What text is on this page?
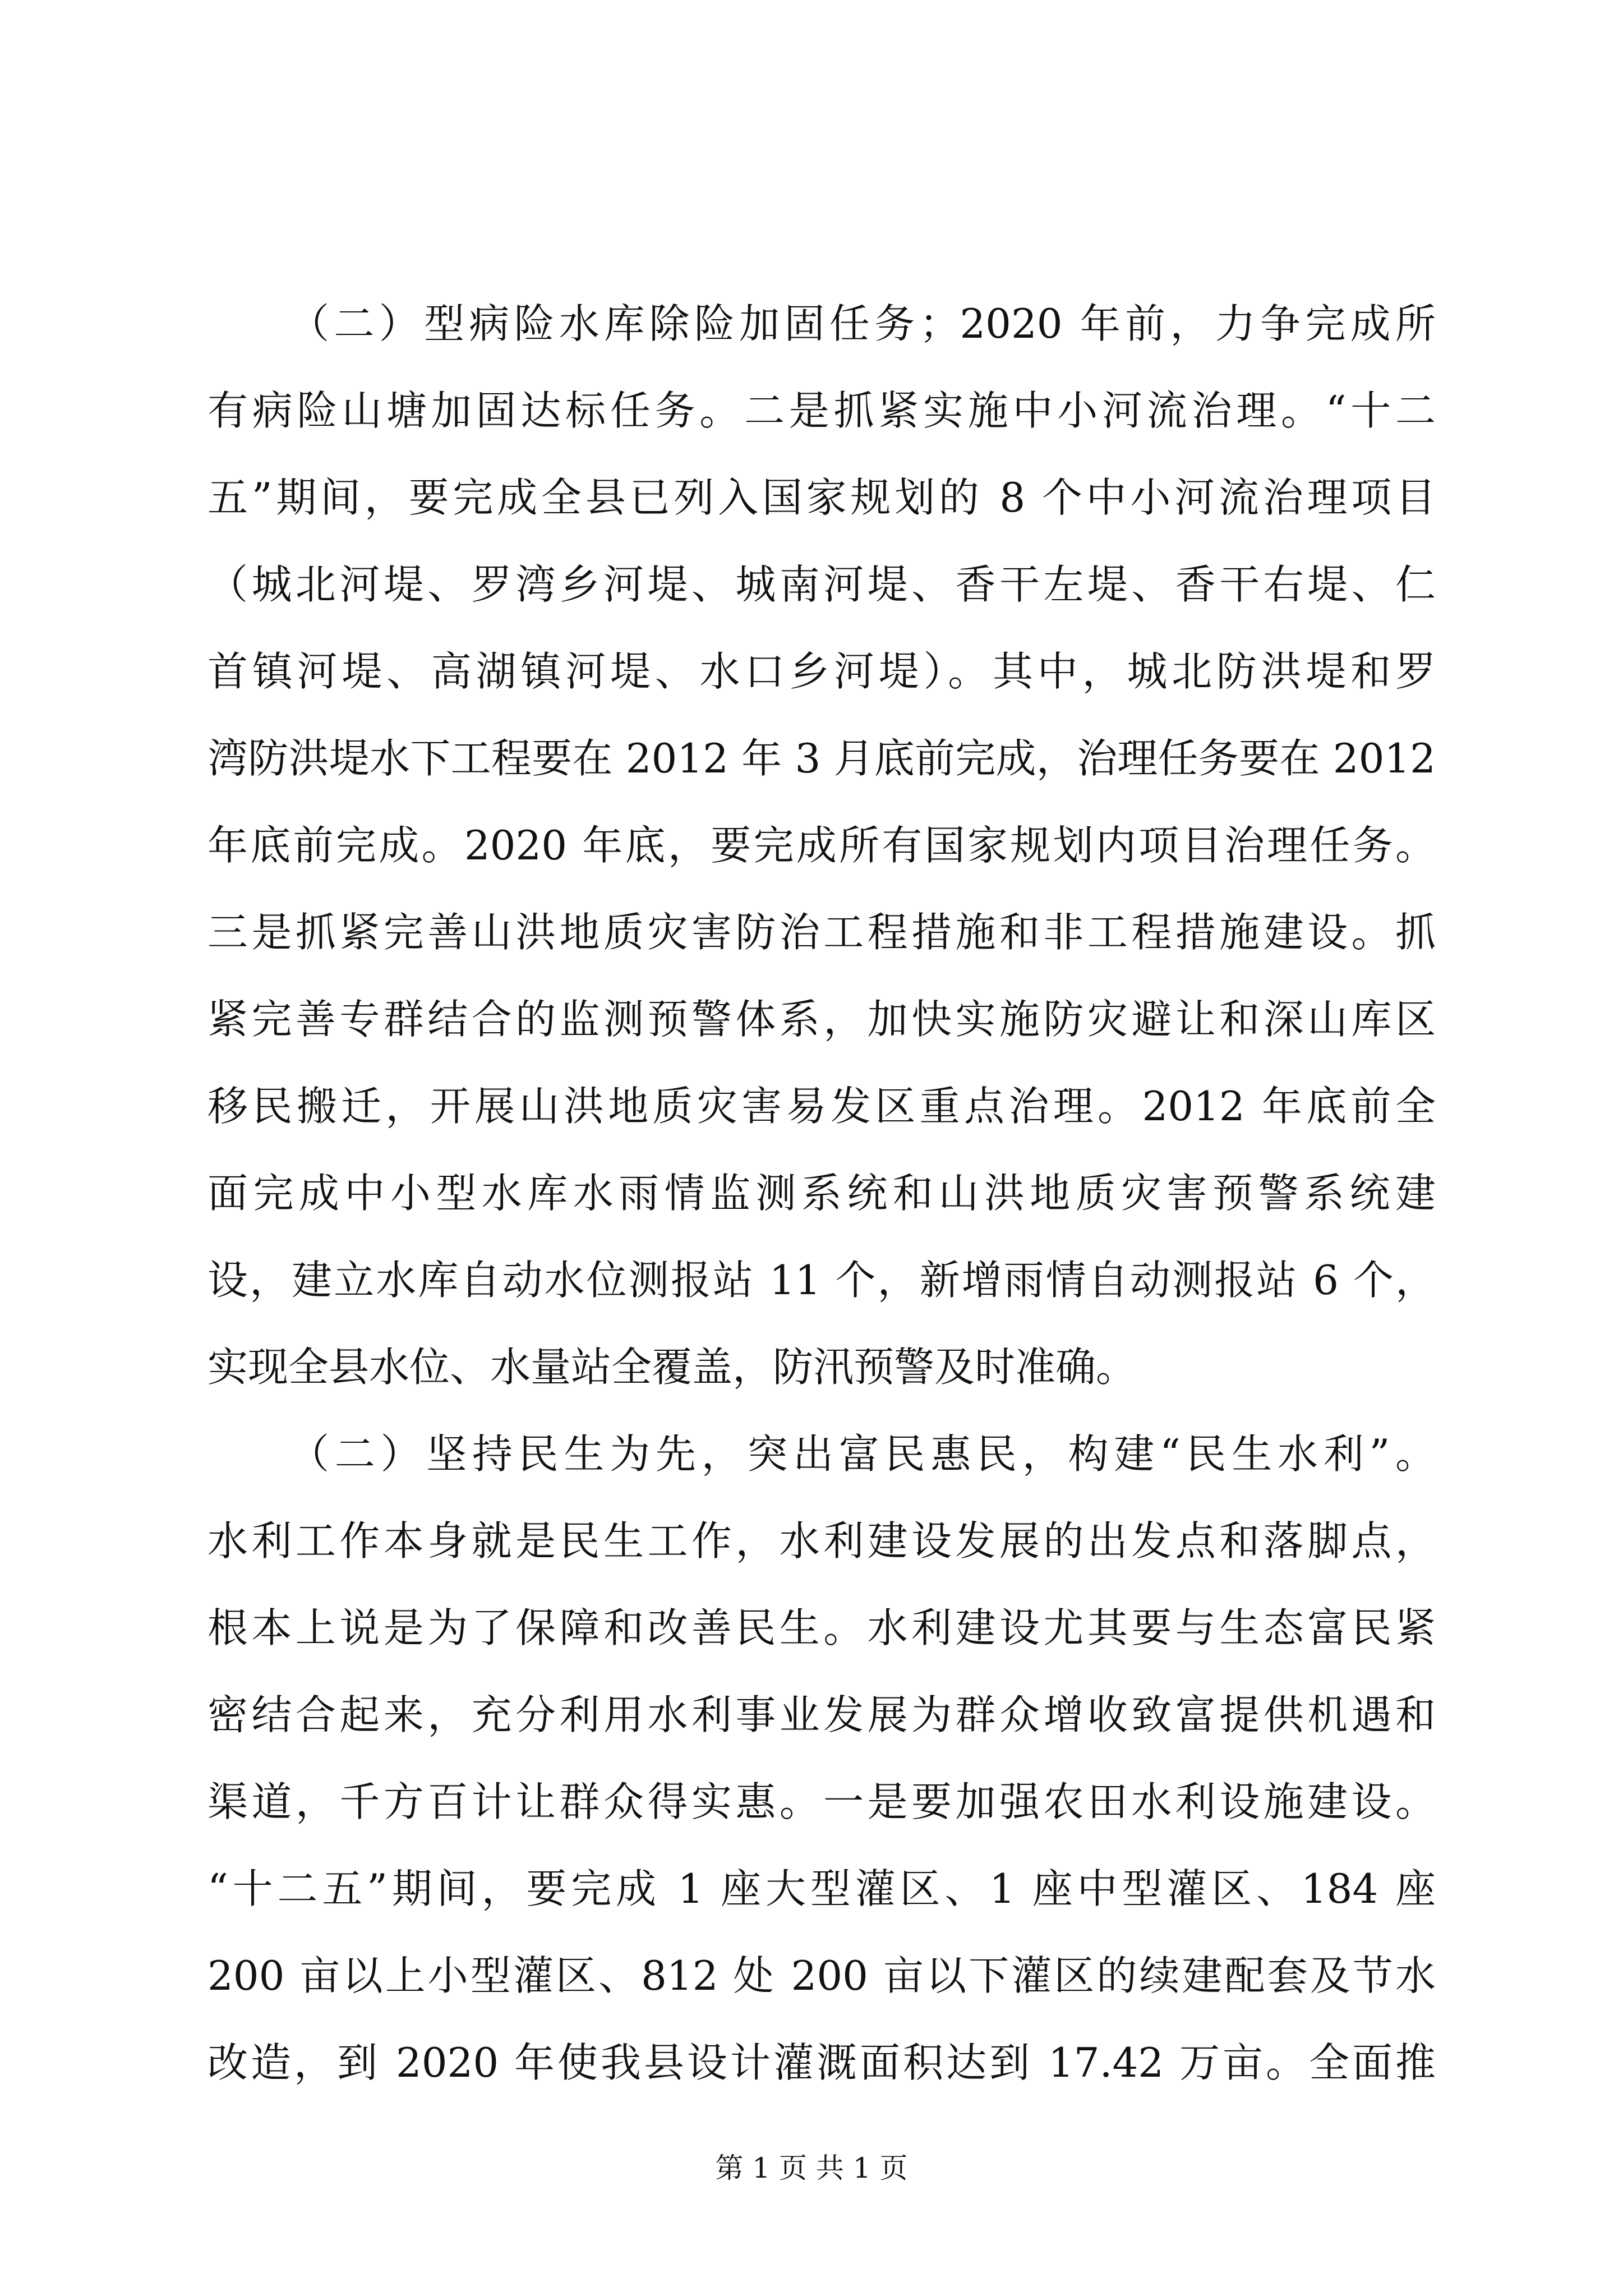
（二）型病险水库除险加固任务；2020 年前，力争完成所
有病险山塘加固达标任务。二是抓紧实施中小河流治理。“十二
五”期间，要完成全县已列入国家规划的 8 个中小河流治理项目
（城北河堤、罗湾乡河堤、城南河堤、香干左堤、香干右堤、仁
首镇河堤、高湖镇河堤、水口乡河堤）。其中，城北防洪堤和罗
湾防洪堤水下工程要在 2012 年 3 月底前完成，治理任务要在 2012
年底前完成。2020 年底，要完成所有国家规划内项目治理任务。
三是抓紧完善山洪地质灾害防治工程措施和非工程措施建设。抓
紧完善专群结合的监测预警体系，加快实施防灾避让和深山库区
移民搬迁，开展山洪地质灾害易发区重点治理。2012 年底前全
面完成中小型水库水雨情监测系统和山洪地质灾害预警系统建
设，建立水库自动水位测报站 11 个，新增雨情自动测报站 6 个，
实现全县水位、水量站全覆盖，防汛预警及时准确。
（二）坚持民生为先，突出富民惠民，构建“民生水利”。
水利工作本身就是民生工作，水利建设发展的出发点和落脚点，
根本上说是为了保障和改善民生。水利建设尤其要与生态富民紧
密结合起来，充分利用水利事业发展为群众增收致富提供机遇和
渠道，千方百计让群众得实惠。一是要加强农田水利设施建设。
“十二五”期间，要完成 1 座大型灌区、1 座中型灌区、184 座
200 亩以上小型灌区、812 处 200 亩以下灌区的续建配套及节水
改造，到 2020 年使我县设计灌溉面积达到 17.42 万亩。全面推
第 1 页 共 1 页
